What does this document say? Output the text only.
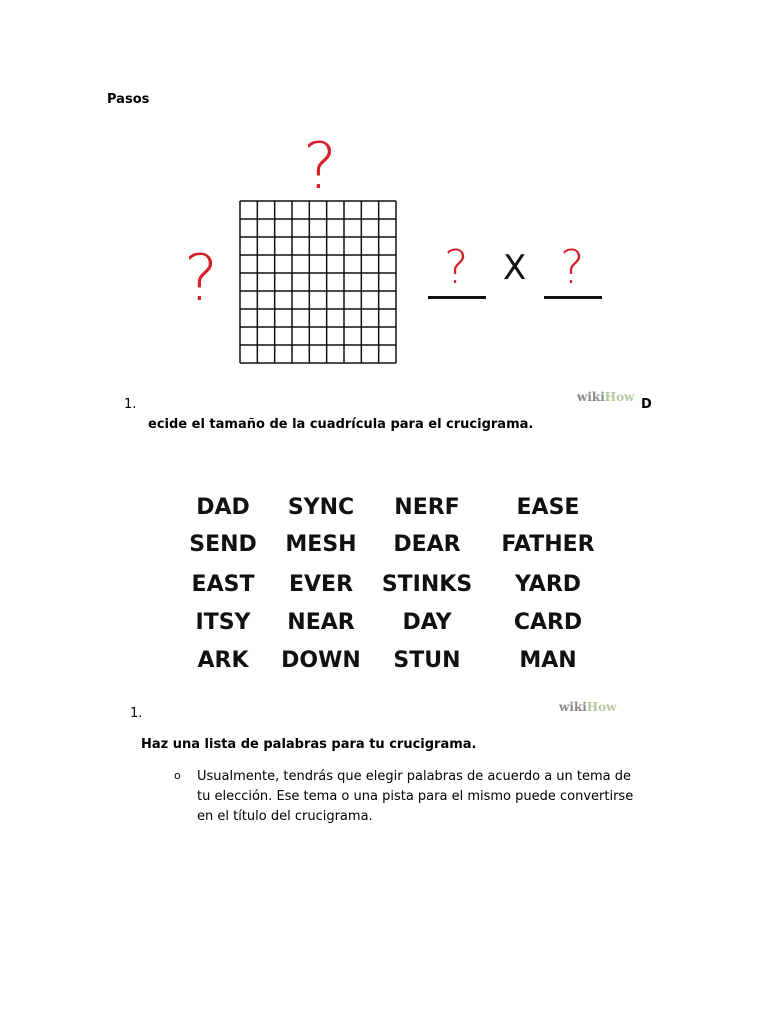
Pasos
?
?	? X ?
wikiHow
1.	D
ecide el tamaño de la cuadrícula para el crucigrama.
DAD	SYNC	NERF	EASE
SEND	MESH	DEAR	FATHER
EAST	EVER	STINKS	YARD
ITSY	NEAR	DAY	CARD
ARK	DOWN	STUN	MAN
wikiHow
1.
Haz una lista de palabras para tu crucigrama.
o Usualmente, tendrás que elegir palabras de acuerdo a un tema de
tu elección. Ese tema o una pista para el mismo puede convertirse
en el título del crucigrama.
